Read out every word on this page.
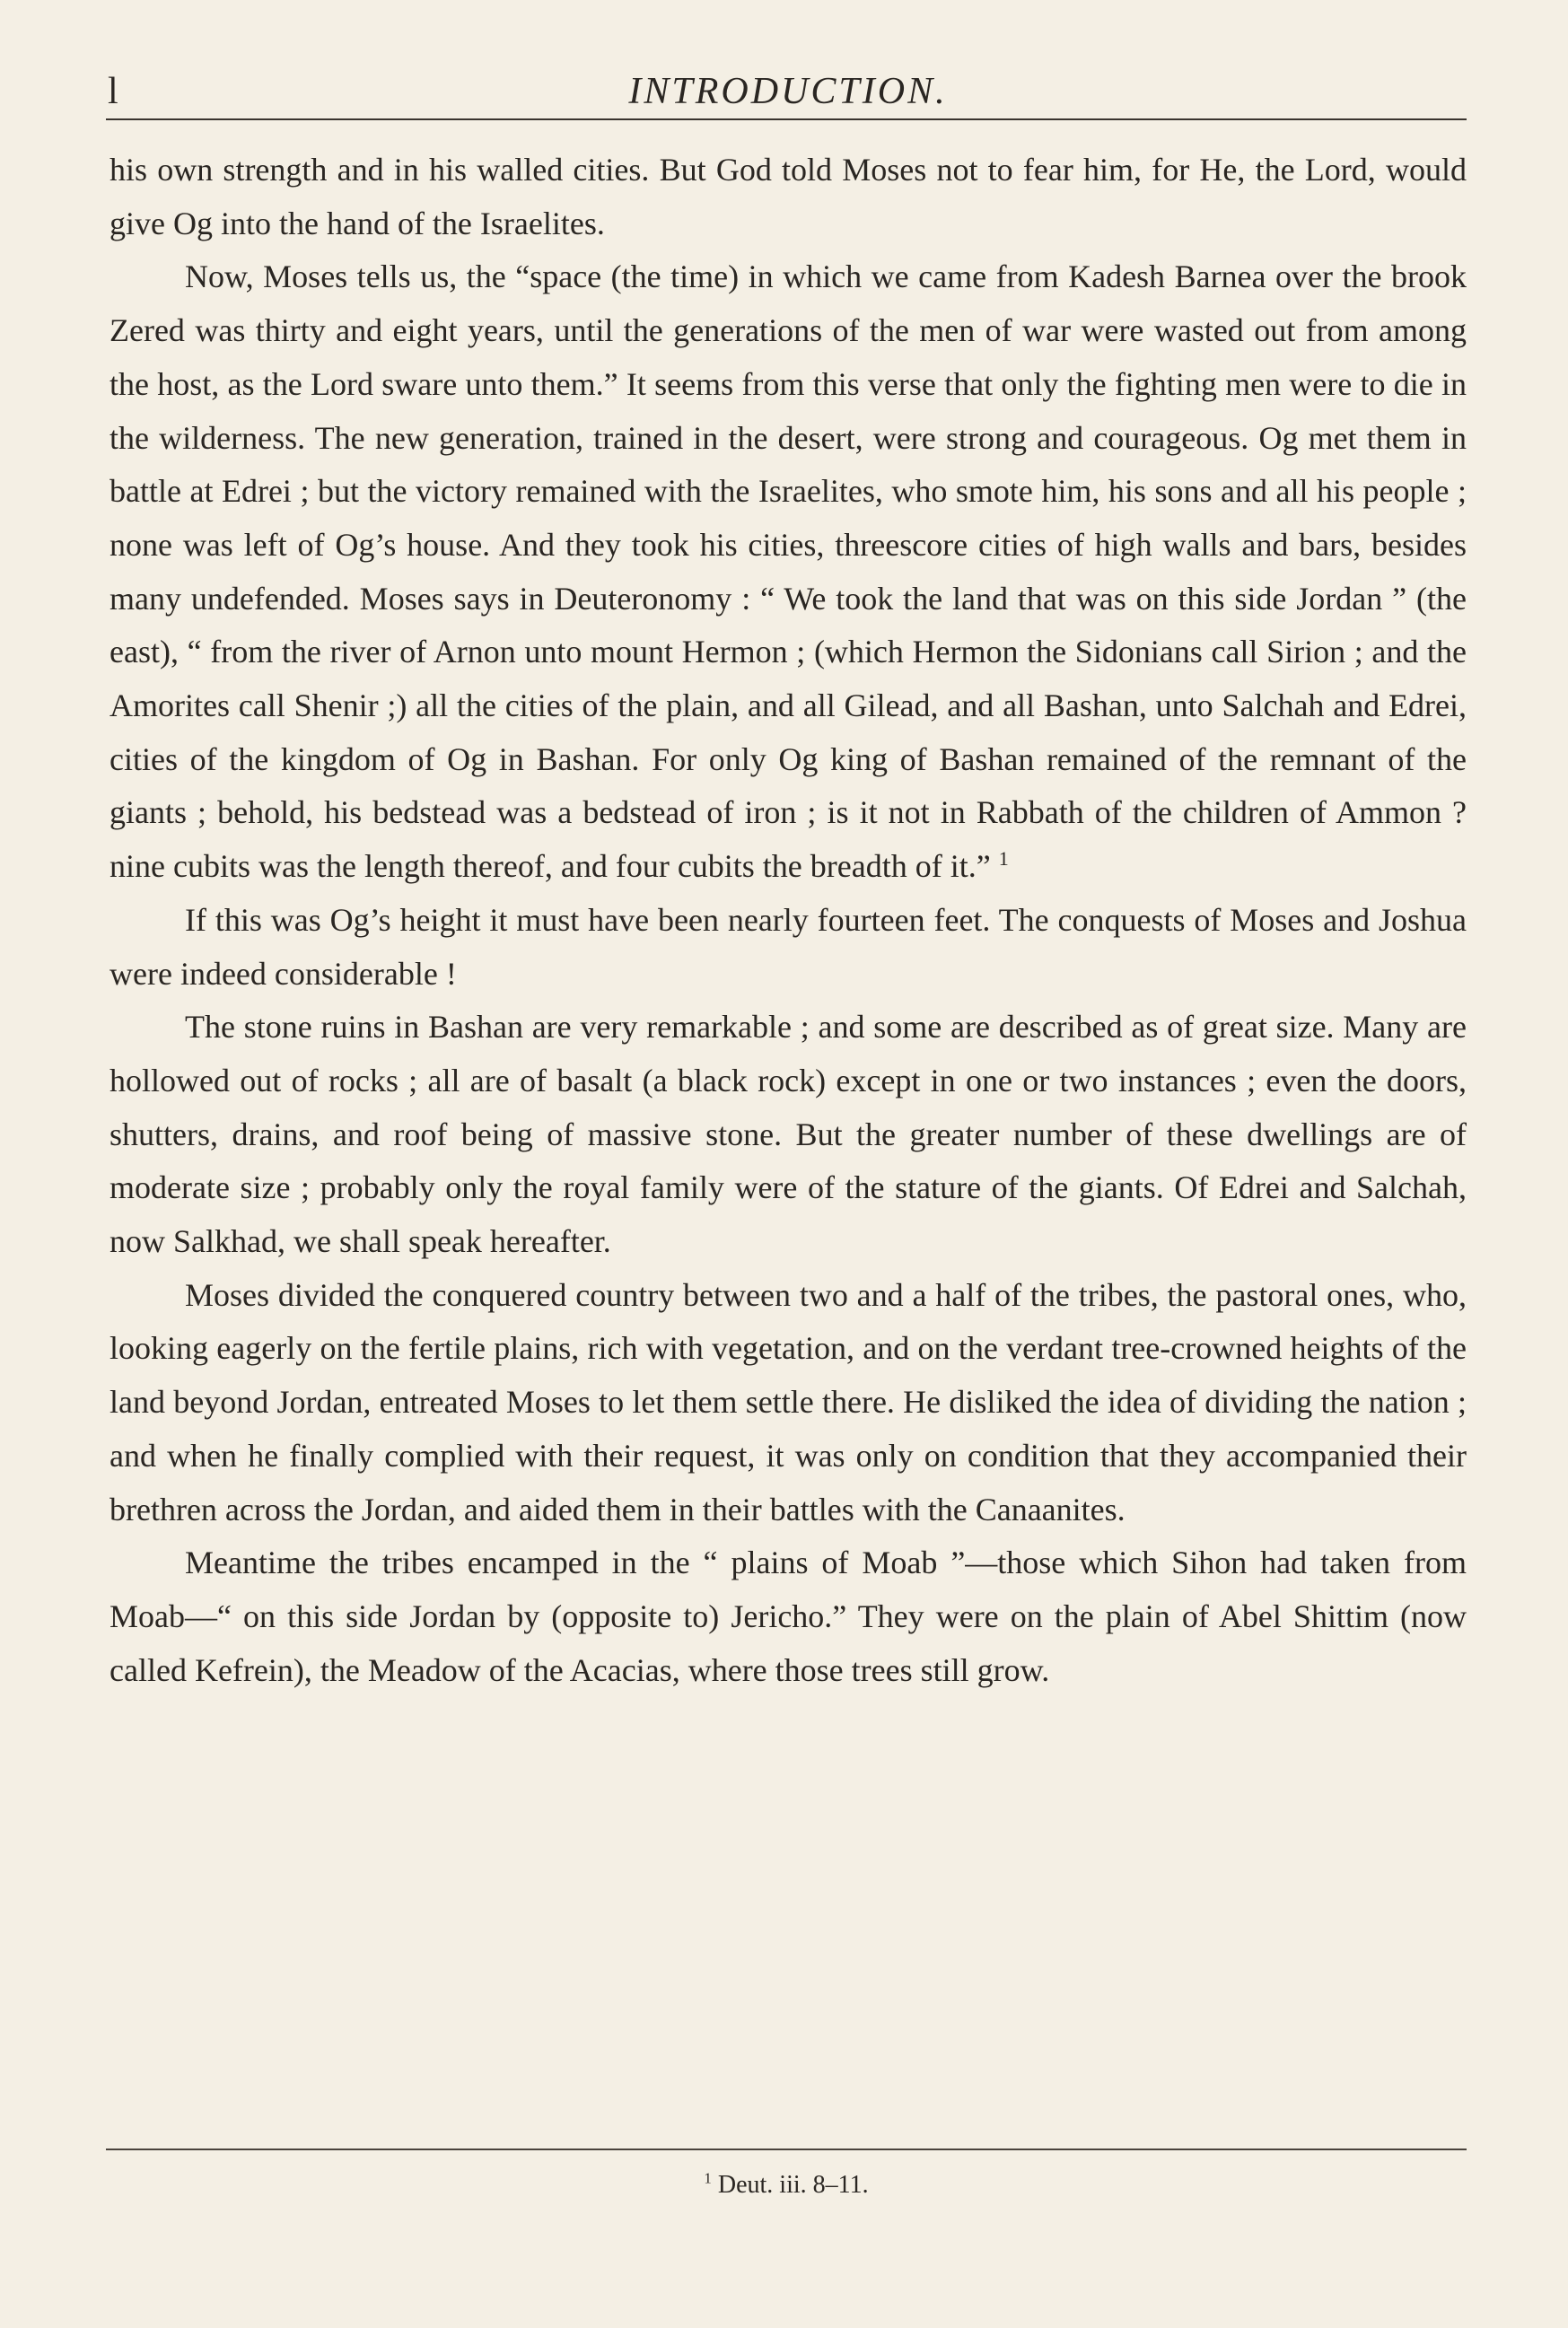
l	INTRODUCTION.

his own strength and in his walled cities. But God told Moses not to fear him, for He, the Lord, would give Og into the hand of the Israelites.

Now, Moses tells us, the “space (the time) in which we came from Kadesh Barnea over the brook Zered was thirty and eight years, until the generations of the men of war were wasted out from among the host, as the Lord sware unto them.” It seems from this verse that only the fighting men were to die in the wilderness. The new generation, trained in the desert, were strong and courageous. Og met them in battle at Edrei ; but the victory remained with the Israelites, who smote him, his sons and all his people ; none was left of Og’s house. And they took his cities, threescore cities of high walls and bars, besides many undefended. Moses says in Deuteronomy : “ We took the land that was on this side Jordan ” (the east), “ from the river of Arnon unto mount Hermon ; (which Hermon the Sidonians call Sirion ; and the Amorites call Shenir ;) all the cities of the plain, and all Gilead, and all Bashan, unto Salchah and Edrei, cities of the kingdom of Og in Bashan. For only Og king of Bashan remained of the remnant of the giants ; behold, his bedstead was a bedstead of iron ; is it not in Rabbath of the children of Ammon ? nine cubits was the length thereof, and four cubits the breadth of it.” $^1$

If this was Og’s height it must have been nearly fourteen feet. The conquests of Moses and Joshua were indeed considerable !

The stone ruins in Bashan are very remarkable ; and some are described as of great size. Many are hollowed out of rocks ; all are of basalt (a black rock) except in one or two instances ; even the doors, shutters, drains, and roof being of massive stone. But the greater number of these dwellings are of moderate size ; probably only the royal family were of the stature of the giants. Of Edrei and Salchah, now Salkhad, we shall speak hereafter.

Moses divided the conquered country between two and a half of the tribes, the pastoral ones, who, looking eagerly on the fertile plains, rich with vegetation, and on the verdant tree-crowned heights of the land beyond Jordan, entreated Moses to let them settle there. He disliked the idea of dividing the nation ; and when he finally complied with their request, it was only on condition that they accompanied their brethren across the Jordan, and aided them in their battles with the Canaanites.

Meantime the tribes encamped in the “ plains of Moab ”—those which Sihon had taken from Moab—“ on this side Jordan by (opposite to) Jericho.” They were on the plain of Abel Shittim (now called Kefrein), the Meadow of the Acacias, where those trees still grow.

$^1$ Deut. iii. 8–11.
